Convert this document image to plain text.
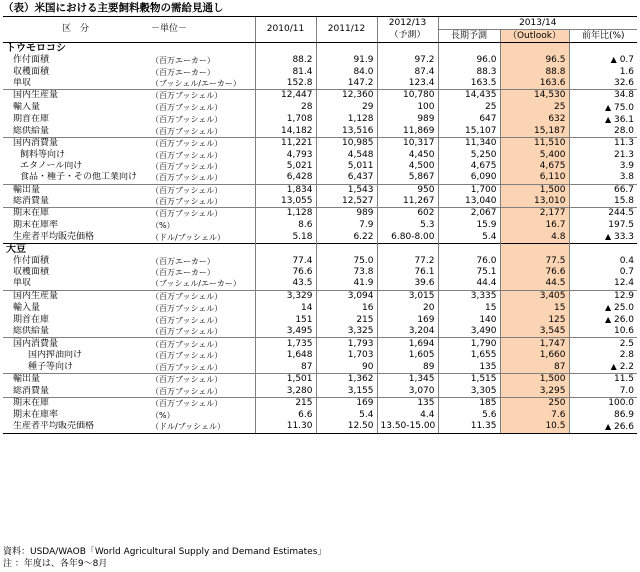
（表）米国における主要飼料穀物の需給見通し
区　分	－単位－	2010/11	2011/12	2012/13	2013/14		
				（予測）	長期予測	（Outlook）	前年比(%)
トウモロコシ							
作付面積	（百万エーカー）	88.2	91.9	97.2	96.0	96.5	▲ 0.7
収穫面積	（百万エーカー）	81.4	84.0	87.4	88.3	88.8	1.6
単収	（ブッシェル/エーカー）	152.8	147.2	123.4	163.5	163.6	32.6
国内生産量	（百万ブッシェル）	12,447	12,360	10,780	14,435	14,530	34.8
輸入量	（百万ブッシェル）	28	29	100	25	25	▲ 75.0
期首在庫	（百万ブッシェル）	1,708	1,128	989	647	632	▲ 36.1
総供給量	（百万ブッシェル）	14,182	13,516	11,869	15,107	15,187	28.0
国内消費量	（百万ブッシェル）	11,221	10,985	10,317	11,340	11,510	11.3
飼料等向け	（百万ブッシェル）	4,793	4,548	4,450	5,250	5,400	21.3
エタノール向け	（百万ブッシェル）	5,021	5,011	4,500	4,675	4,675	3.9
食品・種子・その他工業向け	（百万ブッシェル）	6,428	6,437	5,867	6,090	6,110	3.8
輸出量	（百万ブッシェル）	1,834	1,543	950	1,700	1,500	66.7
総消費量	（百万ブッシェル）	13,055	12,527	11,267	13,040	13,010	15.8
期末在庫	（百万ブッシェル）	1,128	989	602	2,067	2,177	244.5
期末在庫率	（%）	8.6	7.9	5.3	15.9	16.7	197.5
生産者平均販売価格	（ドル/ブッシェル）	5.18	6.22	6.80-8.00	5.4	4.8	▲ 33.3
大豆							
作付面積	（百万エーカー）	77.4	75.0	77.2	76.0	77.5	0.4
収穫面積	（百万エーカー）	76.6	73.8	76.1	75.1	76.6	0.7
単収	（ブッシェル/エーカー）	43.5	41.9	39.6	44.4	44.5	12.4
国内生産量	（百万ブッシェル）	3,329	3,094	3,015	3,335	3,405	12.9
輸入量	（百万ブッシェル）	14	16	20	15	15	▲ 25.0
期首在庫	（百万ブッシェル）	151	215	169	140	125	▲ 26.0
総供給量	（百万ブッシェル）	3,495	3,325	3,204	3,490	3,545	10.6
国内消費量	（百万ブッシェル）	1,735	1,793	1,694	1,790	1,747	2.5
国内搾油向け	（百万ブッシェル）	1,648	1,703	1,605	1,655	1,660	2.8
種子等向け	（百万ブッシェル）	87	90	89	135	87	▲ 2.2
輸出量	（百万ブッシェル）	1,501	1,362	1,345	1,515	1,500	11.5
総消費量	（百万ブッシェル）	3,280	3,155	3,070	3,305	3,295	7.0
期末在庫	（百万ブッシェル）	215	169	135	185	250	100.0
期末在庫率	（%）	6.6	5.4	4.4	5.6	7.6	86.9
生産者平均販売価格	（ドル/ブッシェル）	11.30	12.50	13.50-15.00	11.35	10.5	▲ 26.6
資料：USDA/WAOB「World Agricultural Supply and Demand Estimates」
注 ：年度は、各年9～8月
